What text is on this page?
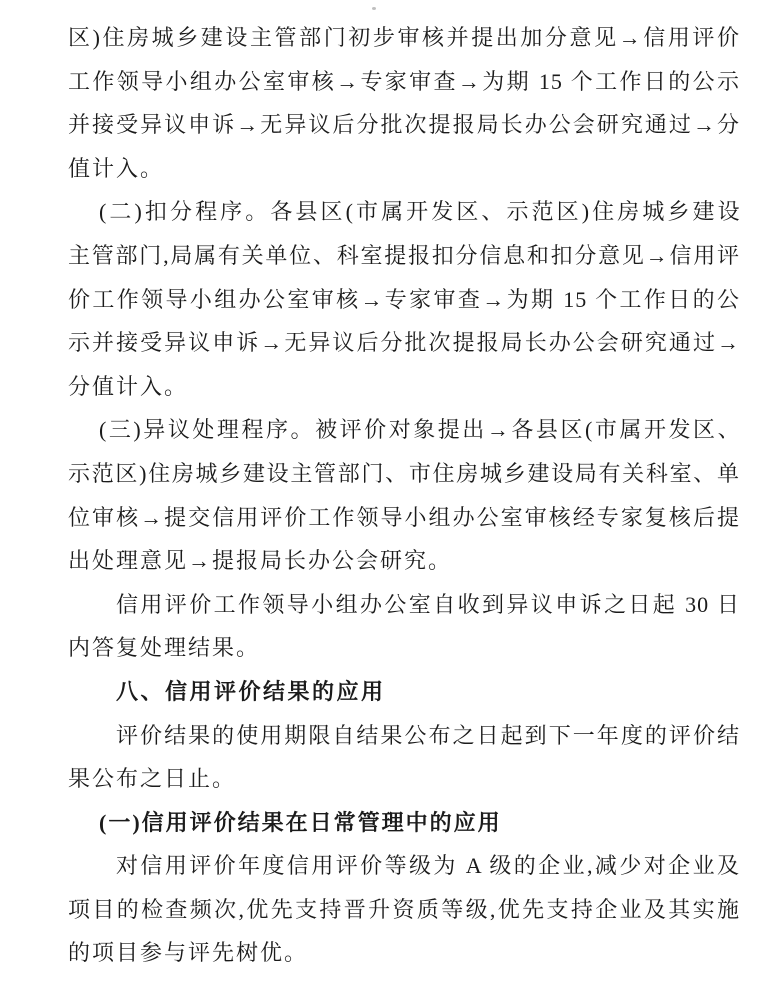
区)住房城乡建设主管部门初步审核并提出加分意见→信用评价
工作领导小组办公室审核→专家审查→为期 15 个工作日的公示
并接受异议申诉→无异议后分批次提报局长办公会研究通过→分
值计入。
(二)扣分程序。各县区(市属开发区、示范区)住房城乡建设
主管部门,局属有关单位、科室提报扣分信息和扣分意见→信用评
价工作领导小组办公室审核→专家审查→为期 15 个工作日的公
示并接受异议申诉→无异议后分批次提报局长办公会研究通过→
分值计入。
(三)异议处理程序。被评价对象提出→各县区(市属开发区、
示范区)住房城乡建设主管部门、市住房城乡建设局有关科室、单
位审核→提交信用评价工作领导小组办公室审核经专家复核后提
出处理意见→提报局长办公会研究。
信用评价工作领导小组办公室自收到异议申诉之日起 30 日
内答复处理结果。
八、信用评价结果的应用
评价结果的使用期限自结果公布之日起到下一年度的评价结
果公布之日止。
(一)信用评价结果在日常管理中的应用
对信用评价年度信用评价等级为 A 级的企业,减少对企业及
项目的检查频次,优先支持晋升资质等级,优先支持企业及其实施
的项目参与评先树优。
